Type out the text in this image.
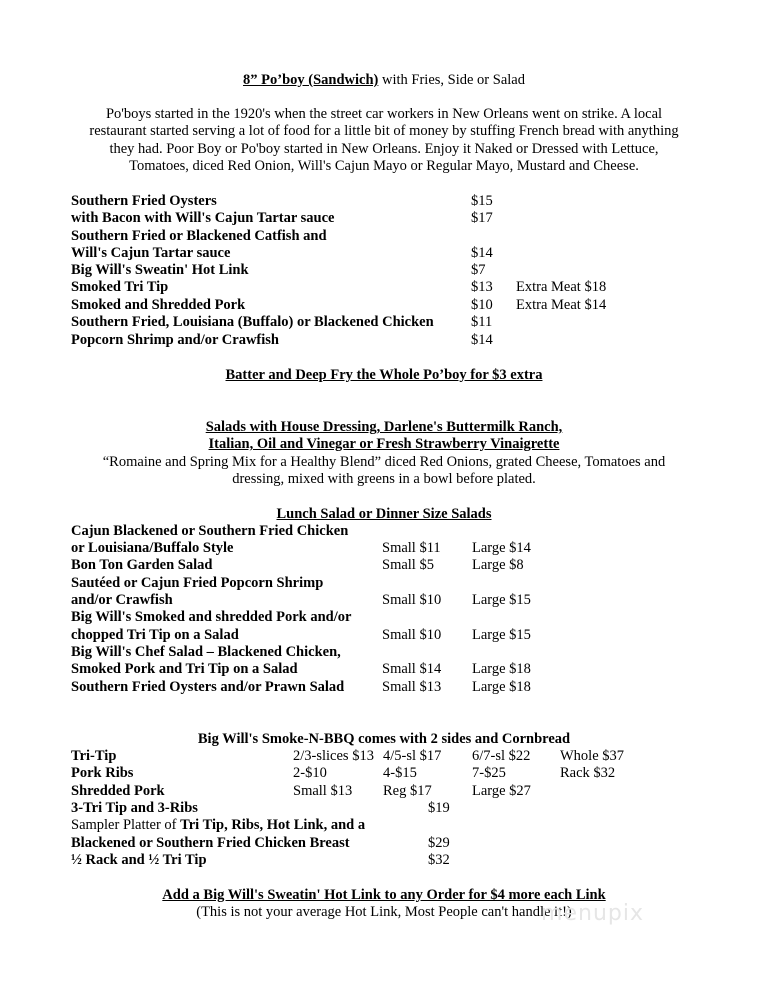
8” Po’boy (Sandwich) with Fries, Side or Salad
Po'boys started in the 1920's when the street car workers in New Orleans went on strike. A local
restaurant started serving a lot of food for a little bit of money by stuffing French bread with anything
they had. Poor Boy or Po'boy started in New Orleans. Enjoy it Naked or Dressed with Lettuce,
Tomatoes, diced Red Onion, Will's Cajun Mayo or Regular Mayo, Mustard and Cheese.
Southern Fried Oysters	$15
with Bacon with Will's Cajun Tartar sauce	$17
Southern Fried or Blackened Catfish and
Will's Cajun Tartar sauce	$14
Big Will's Sweatin' Hot Link	$7
Smoked Tri Tip	$13 Extra Meat $18
Smoked and Shredded Pork	$10 Extra Meat $14
Southern Fried, Louisiana (Buffalo) or Blackened Chicken	$11
Popcorn Shrimp and/or Crawfish	$14
Batter and Deep Fry the Whole Po’boy for $3 extra
Salads with House Dressing, Darlene's Buttermilk Ranch,
Italian, Oil and Vinegar or Fresh Strawberry Vinaigrette
“Romaine and Spring Mix for a Healthy Blend” diced Red Onions, grated Cheese, Tomatoes and
dressing, mixed with greens in a bowl before plated.
Lunch Salad or Dinner Size Salads
Cajun Blackened or Southern Fried Chicken
or Louisiana/Buffalo Style	Small $11 Large $14
Bon Ton Garden Salad	Small $5	Large $8
Sautéed or Cajun Fried Popcorn Shrimp
and/or Crawfish	Small $10 Large $15
Big Will's Smoked and shredded Pork and/or
chopped Tri Tip on a Salad	Small $10 Large $15
Big Will's Chef Salad – Blackened Chicken,
Smoked Pork and Tri Tip on a Salad	Small $14 Large $18
Southern Fried Oysters and/or Prawn Salad	Small $13 Large $18
Big Will's Smoke-N-BBQ comes with 2 sides and Cornbread
Tri-Tip	2/3-slices $13 4/5-sl $17 6/7-sl $22 Whole $37
Pork Ribs	2-$10	4-$15	7-$25	Rack $32
Shredded Pork	Small $13 Reg $17	Large $27
3-Tri Tip and 3-Ribs	$19
Sampler Platter of Tri Tip, Ribs, Hot Link, and a
Blackened or Southern Fried Chicken Breast	$29
½ Rack and ½ Tri Tip	$32
Add a Big Will's Sweatin' Hot Link to any Order for $4 more each Link
(This is not your average Hot Link, Most People can't handle it!)
menupix
